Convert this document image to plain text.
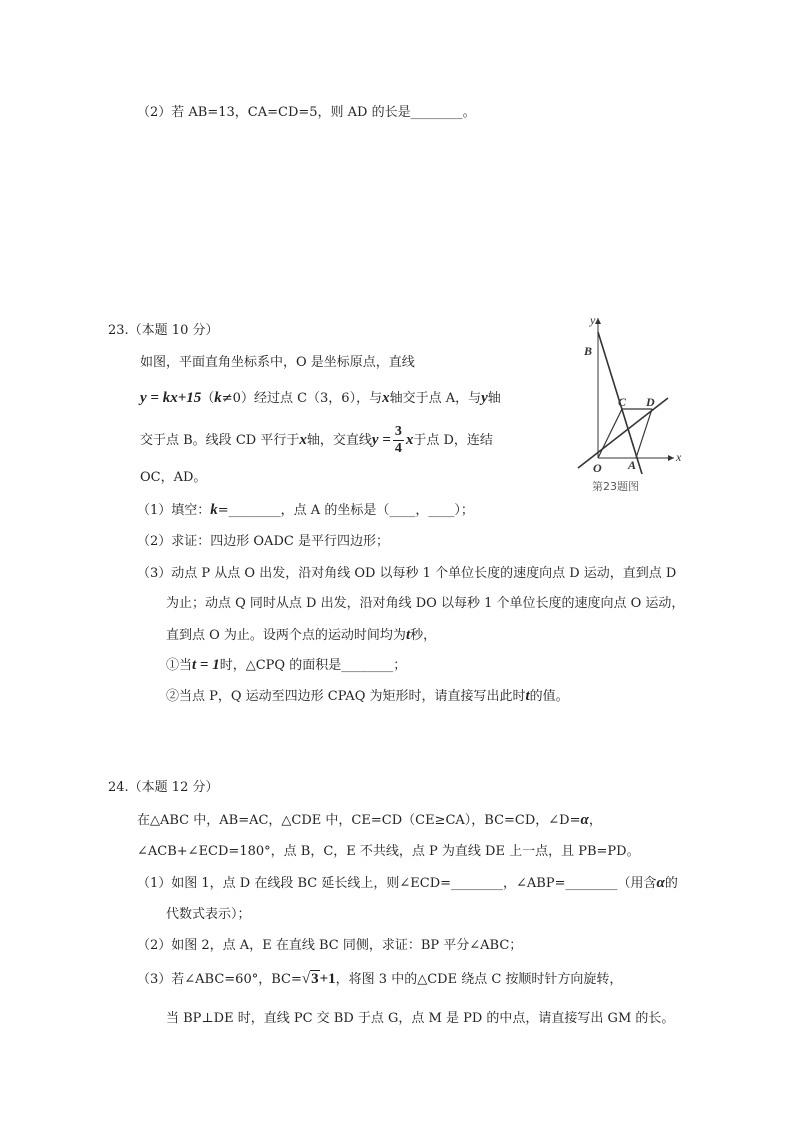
（2）若 AB=13，CA=CD=5，则 AD 的长是________。
23.（本题 10 分）
如图，平面直角坐标系中，O 是坐标原点，直线
y = kx+15（k≠0）经过点 C（3，6），与x轴交于点 A，与y轴
交于点 B。线段 CD 平行于x轴，交直线$y = \frac{3}{4}$ x于点 D，连结
OC，AD。
（1）填空：k=________，点 A 的坐标是（____，____）；
（2）求证：四边形 OADC 是平行四边形；
（3）动点 P 从点 O 出发，沿对角线 OD 以每秒 1 个单位长度的速度向点 D 运动，直到点 D
为止；动点 Q 同时从点 D 出发，沿对角线 DO 以每秒 1 个单位长度的速度向点 O 运动，
直到点 O 为止。设两个点的运动时间均为t秒，
①当t = 1时，△CPQ 的面积是________；
②当点 P，Q 运动至四边形 CPAQ 为矩形时，请直接写出此时t的值。
y
x
B
C D
O A
第23题图
24.（本题 12 分）
在△ABC 中，AB=AC，△CDE 中，CE=CD（CE≥CA），BC=CD，∠D=α，
∠ACB+∠ECD=180°，点 B，C，E 不共线，点 P 为直线 DE 上一点，且 PB=PD。
（1）如图 1，点 D 在线段 BC 延长线上，则∠ECD=________，∠ABP=________（用含α的
代数式表示）；
（2）如图 2，点 A，E 在直线 BC 同侧，求证：BP 平分∠ABC；
（3）若∠ABC=60°，BC=√3+1，将图 3 中的△CDE 绕点 C 按顺时针方向旋转，
当 BP⊥DE 时，直线 PC 交 BD 于点 G，点 M 是 PD 的中点，请直接写出 GM 的长。
